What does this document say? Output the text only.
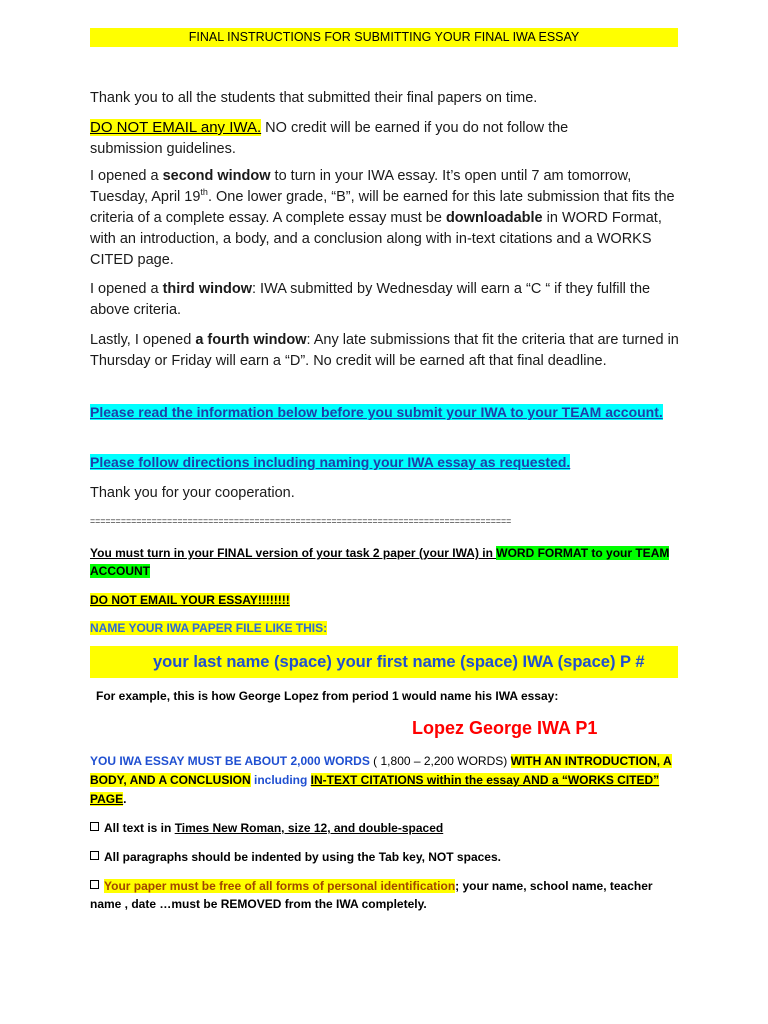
FINAL INSTRUCTIONS FOR SUBMITTING YOUR FINAL IWA ESSAY
Thank you to all the students that submitted their final papers on time.
DO NOT EMAIL any IWA. NO credit will be earned if you do not follow the submission guidelines.
I opened a second window to turn in your IWA essay. It’s open until 7 am tomorrow, Tuesday, April 19th. One lower grade, “B”, will be earned for this late submission that fits the criteria of a complete essay. A complete essay must be downloadable in WORD Format, with an introduction, a body, and a conclusion along with in-text citations and a WORKS CITED page.
I opened a third window: IWA submitted by Wednesday will earn a “C “ if they fulfill the above criteria.
Lastly, I opened a fourth window: Any late submissions that fit the criteria that are turned in Thursday or Friday will earn a “D”. No credit will be earned aft that final deadline.
Please read the information below before you submit your IWA to your TEAM account.
Please follow directions including naming your IWA essay as requested.
Thank you for your cooperation.
==================================================================================
You must turn in your FINAL version of your task 2 paper (your IWA) in WORD FORMAT to your TEAM ACCOUNT
DO NOT EMAIL YOUR ESSAY!!!!!!!!
NAME YOUR IWA PAPER FILE LIKE THIS:
your last name (space) your first name (space) IWA (space) P #
For example, this is how George Lopez from period 1 would name his IWA essay:
Lopez George IWA P1
YOU IWA ESSAY MUST BE ABOUT 2,000 WORDS ( 1,800 – 2,200 WORDS) WITH AN INTRODUCTION, A BODY, AND A CONCLUSION including IN-TEXT CITATIONS within the essay AND a “WORKS CITED” PAGE.
All text is in Times New Roman, size 12, and double-spaced
All paragraphs should be indented by using the Tab key, NOT spaces.
Your paper must be free of all forms of personal identification; your name, school name, teacher name , date …must be REMOVED from the IWA completely.
